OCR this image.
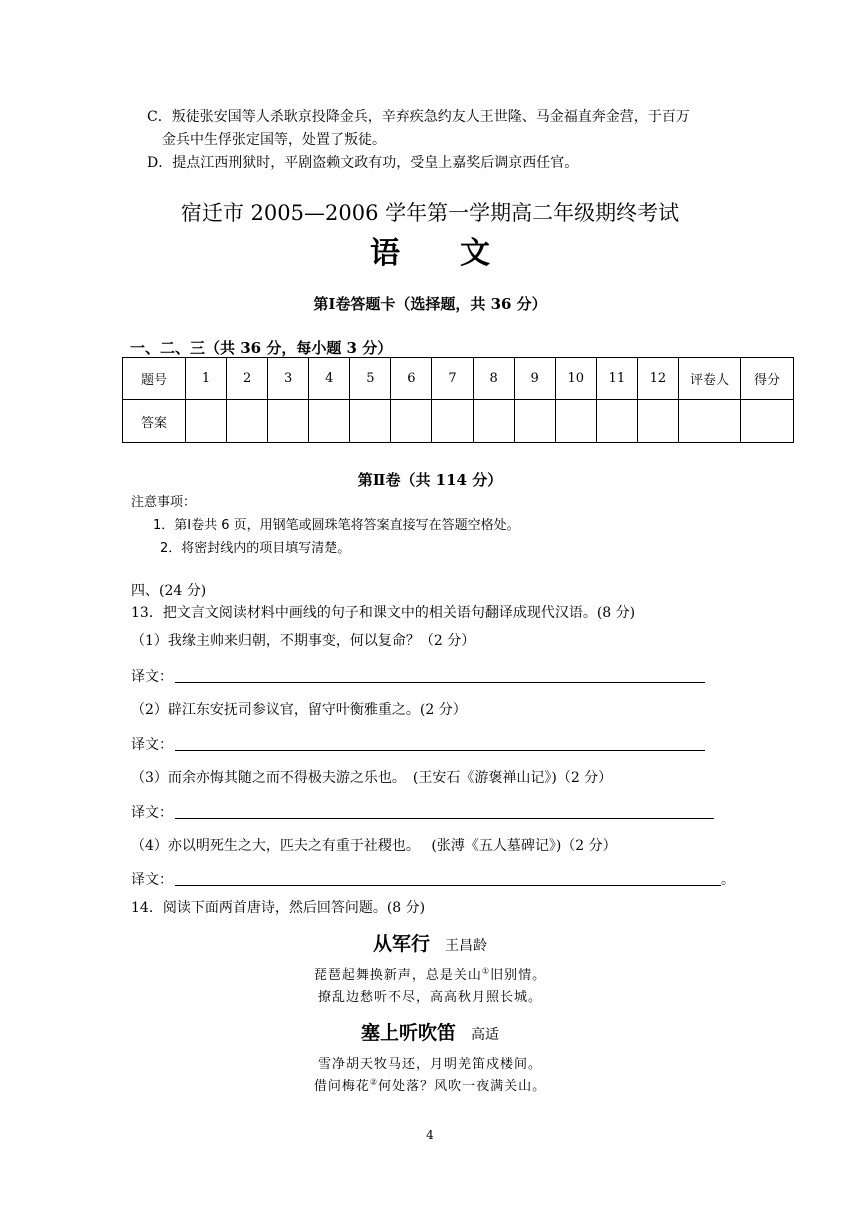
C．叛徒张安国等人杀耿京投降金兵，辛弃疾急约友人王世隆、马金福直奔金营，于百万
金兵中生俘张定国等，处置了叛徒。
D．提点江西刑狱时，平剧盗赖文政有功，受皇上嘉奖后调京西任官。
宿迁市 2005—2006 学年第一学期高二年级期终考试
语　　文
第Ⅰ卷答题卡（选择题，共 36 分）
一、二、三（共 36 分，每小题 3 分）
题号	1	2	3	4	5	6	7	8	9	10	11	12	评卷人	得分
答案														
第Ⅱ卷（共 114 分）
注意事项：
1．第Ⅰ卷共 6 页，用钢笔或圆珠笔将答案直接写在答题空格处。
2．将密封线内的项目填写清楚。
四、(24 分)
13．把文言文阅读材料中画线的句子和课文中的相关语句翻译成现代汉语。(8 分)
（1）我缘主帅来归朝，不期事变，何以复命？（2 分）
译文：
（2）辟江东安抚司参议官，留守叶衡雅重之。(2 分）
译文：
（3）而余亦悔其随之而不得极夫游之乐也。　(王安石《游褒禅山记》)（2 分）
译文：
（4）亦以明死生之大，匹夫之有重于社稷也。　 (张溥《五人墓碑记》)（2 分）
译文：	。
14．阅读下面两首唐诗，然后回答问题。(8 分)
从军行 王昌龄
琵琶起舞换新声，总是关山①旧别情。
撩乱边愁听不尽，高高秋月照长城。
塞上听吹笛 高适
雪净胡天牧马还，月明羌笛戍楼间。
借问梅花②何处落？风吹一夜满关山。
4
